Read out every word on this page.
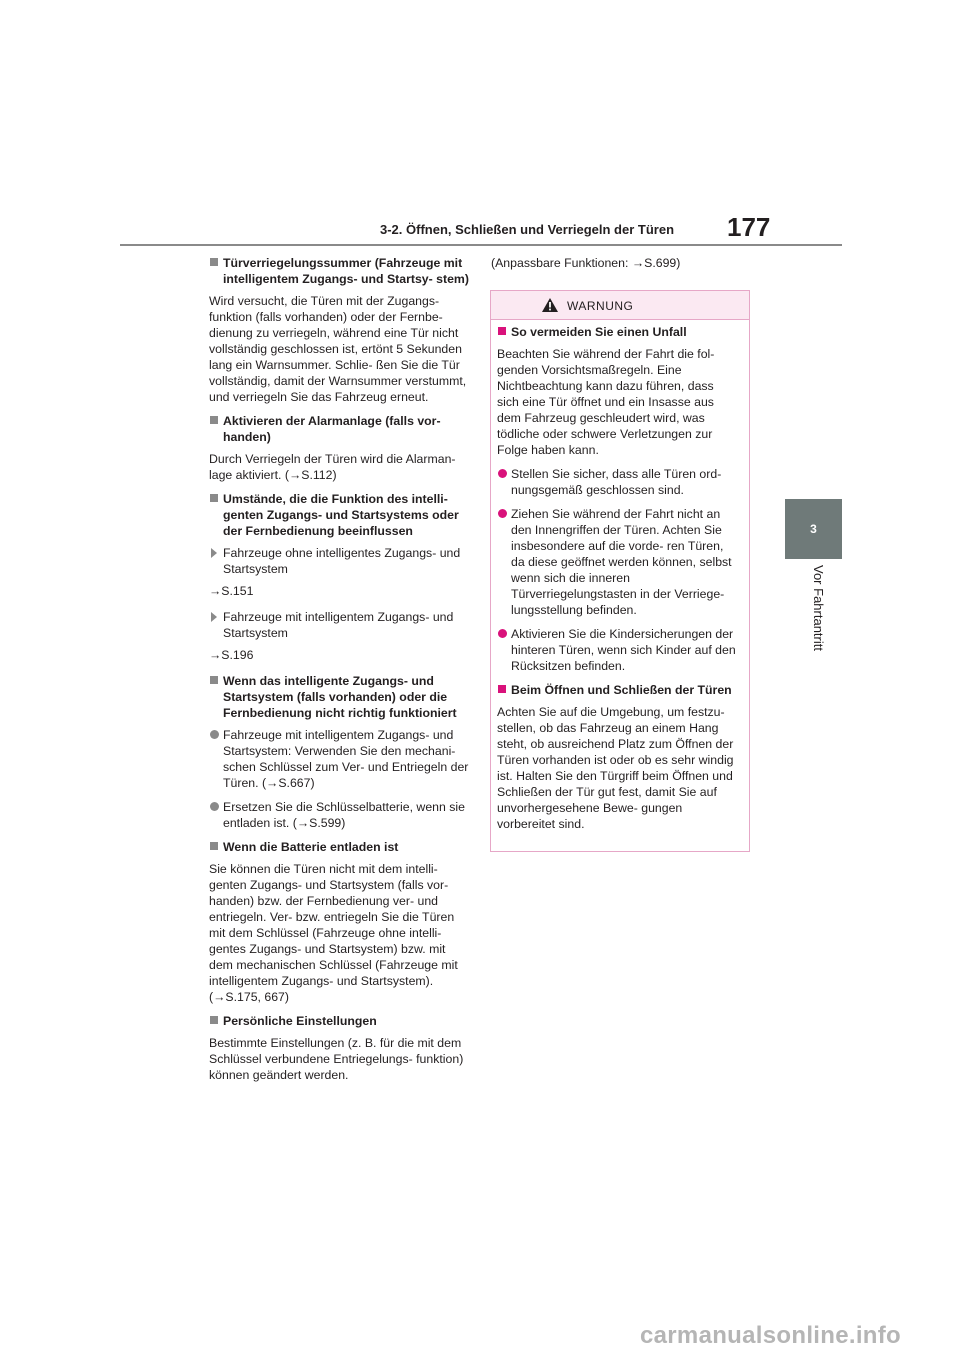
3-2. Öffnen, Schließen und Verriegeln der Türen 177
3
Vor Fahrtantritt
Türverriegelungssummer (Fahrzeuge mit intelligentem Zugangs- und Startsy- stem)
Wird versucht, die Türen mit der Zugangs- funktion (falls vorhanden) oder der Fernbe- dienung zu verriegeln, während eine Tür nicht vollständig geschlossen ist, ertönt 5 Sekunden lang ein Warnsummer. Schlie- ßen Sie die Tür vollständig, damit der Warnsummer verstummt, und verriegeln Sie das Fahrzeug erneut.
Aktivieren der Alarmanlage (falls vor- handen)
Durch Verriegeln der Türen wird die Alarman- lage aktiviert. (→S.112)
Umstände, die die Funktion des intelli- genten Zugangs- und Startsystems oder der Fernbedienung beeinflussen
Fahrzeuge ohne intelligentes Zugangs- und Startsystem
→S.151
Fahrzeuge mit intelligentem Zugangs- und Startsystem
→S.196
Wenn das intelligente Zugangs- und Startsystem (falls vorhanden) oder die Fernbedienung nicht richtig funktioniert
Fahrzeuge mit intelligentem Zugangs- und Startsystem: Verwenden Sie den mechani- schen Schlüssel zum Ver- und Entriegeln der Türen. (→S.667)
Ersetzen Sie die Schlüsselbatterie, wenn sie entladen ist. (→S.599)
Wenn die Batterie entladen ist
Sie können die Türen nicht mit dem intelli- genten Zugangs- und Startsystem (falls vor- handen) bzw. der Fernbedienung ver- und entriegeln. Ver- bzw. entriegeln Sie die Türen mit dem Schlüssel (Fahrzeuge ohne intelli- gentes Zugangs- und Startsystem) bzw. mit dem mechanischen Schlüssel (Fahrzeuge mit intelligentem Zugangs- und Startsystem). (→S.175, 667)
Persönliche Einstellungen
Bestimmte Einstellungen (z. B. für die mit dem Schlüssel verbundene Entriegelungs- funktion) können geändert werden.
(Anpassbare Funktionen: →S.699)
WARNUNG
So vermeiden Sie einen Unfall
Beachten Sie während der Fahrt die fol- genden Vorsichtsmaßregeln. Eine Nichtbeachtung kann dazu führen, dass sich eine Tür öffnet und ein Insasse aus dem Fahrzeug geschleudert wird, was tödliche oder schwere Verletzungen zur Folge haben kann.
Stellen Sie sicher, dass alle Türen ord- nungsgemäß geschlossen sind.
Ziehen Sie während der Fahrt nicht an den Innengriffen der Türen. Achten Sie insbesondere auf die vorde- ren Türen, da diese geöffnet werden können, selbst wenn sich die inneren Türverriegelungstasten in der Verriege- lungsstellung befinden.
Aktivieren Sie die Kindersicherungen der hinteren Türen, wenn sich Kinder auf den Rücksitzen befinden.
Beim Öffnen und Schließen der Türen
Achten Sie auf die Umgebung, um festzu- stellen, ob das Fahrzeug an einem Hang steht, ob ausreichend Platz zum Öffnen der Türen vorhanden ist oder ob es sehr windig ist. Halten Sie den Türgriff beim Öffnen und Schließen der Tür gut fest, damit Sie auf unvorhergesehene Bewe- gungen vorbereitet sind.
carmanualsonline.info
